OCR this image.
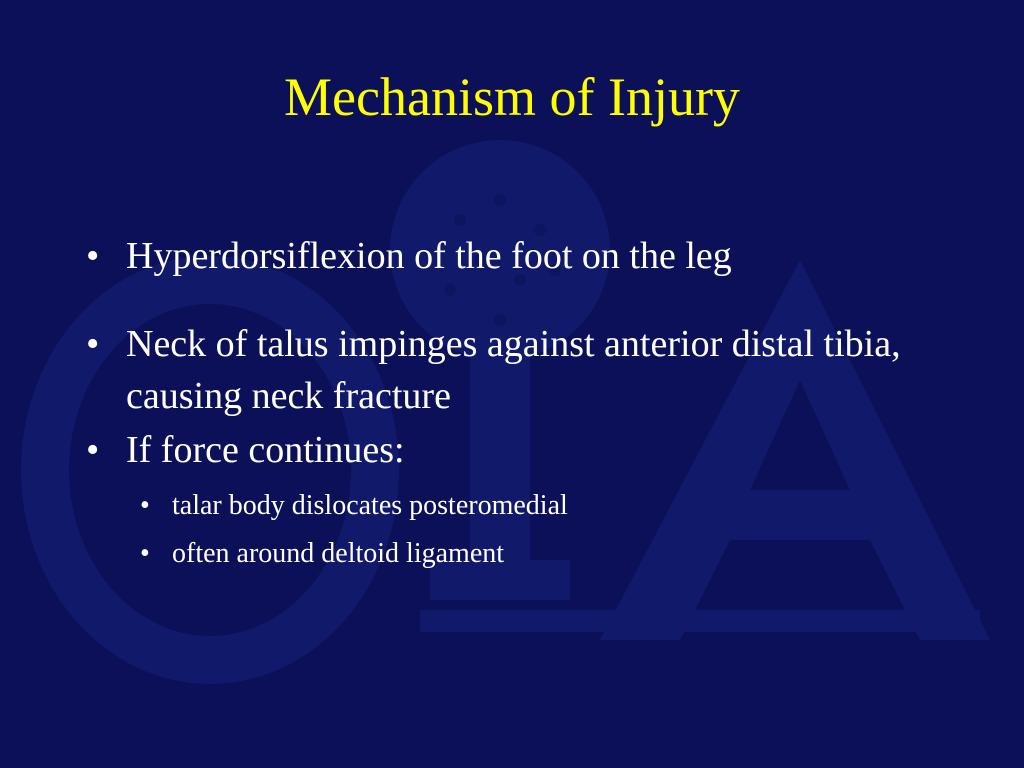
Mechanism of Injury
• Hyperdorsiflexion of the foot on the leg
• Neck of talus impinges against anterior distal tibia, causing neck fracture
• If force continues:
• talar body dislocates posteromedial
• often around deltoid ligament
